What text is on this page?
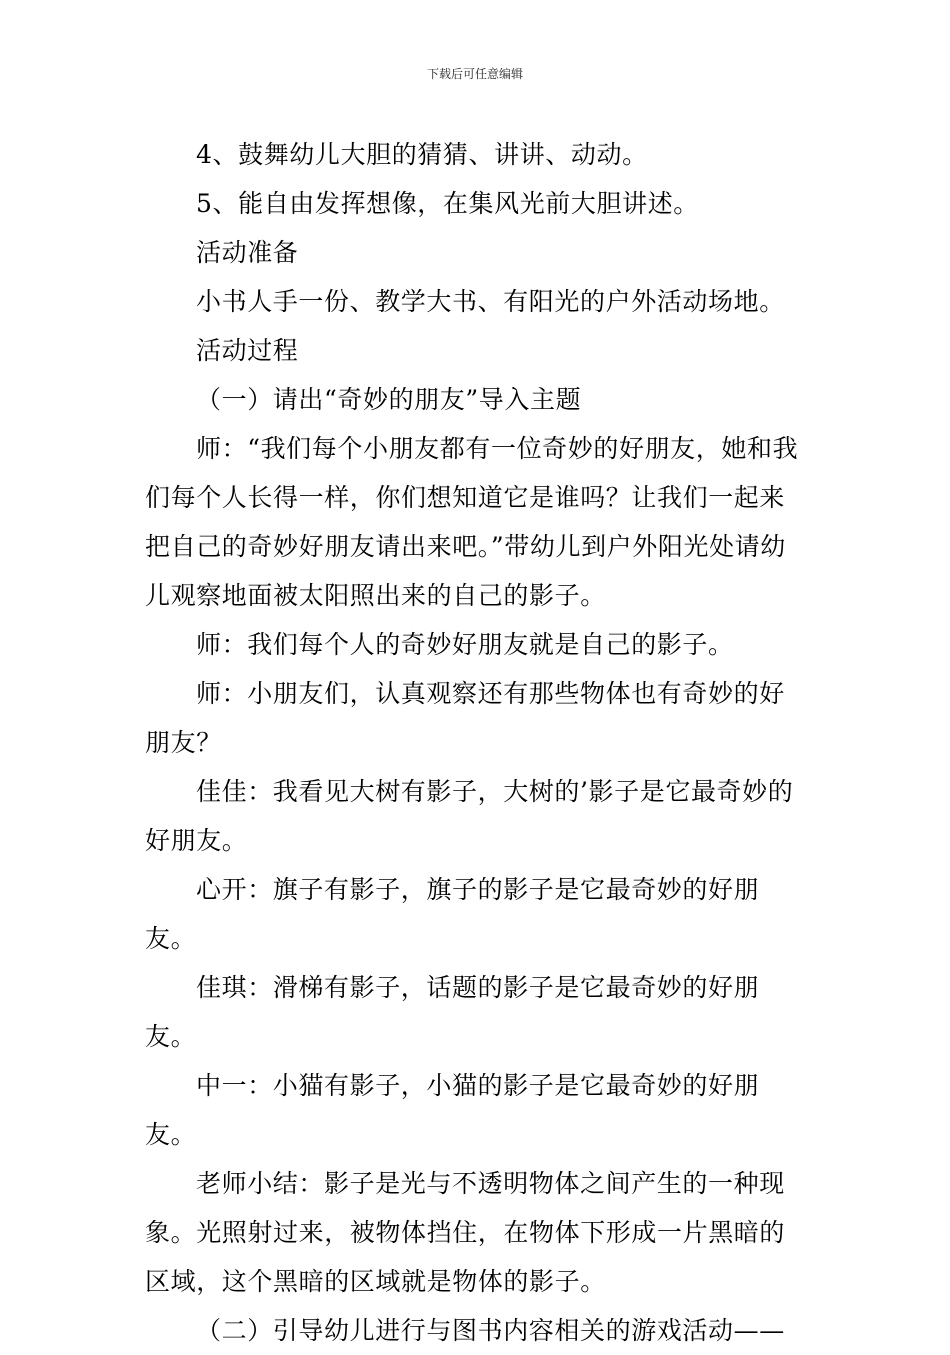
下载后可任意编辑

4、鼓舞幼儿大胆的猜猜、讲讲、动动。

5、能自由发挥想像，在集风光前大胆讲述。

活动准备

小书人手一份、教学大书、有阳光的户外活动场地。

活动过程

（一）请出“奇妙的朋友”导入主题

师：“我们每个小朋友都有一位奇妙的好朋友，她和我们每个人长得一样，你们想知道它是谁吗？让我们一起来把自己的奇妙好朋友请出来吧。”带幼儿到户外阳光处请幼儿观察地面被太阳照出来的自己的影子。

师：我们每个人的奇妙好朋友就是自己的影子。

师：小朋友们，认真观察还有那些物体也有奇妙的好朋友？

佳佳：我看见大树有影子，大树的’影子是它最奇妙的好朋友。

心开：旗子有影子，旗子的影子是它最奇妙的好朋友。

佳琪：滑梯有影子，话题的影子是它最奇妙的好朋友。

中一：小猫有影子，小猫的影子是它最奇妙的好朋友。

老师小结：影子是光与不透明物体之间产生的一种现象。光照射过来，被物体挡住，在物体下形成一片黑暗的区域，这个黑暗的区域就是物体的影子。

（二）引导幼儿进行与图书内容相关的游戏活动——
